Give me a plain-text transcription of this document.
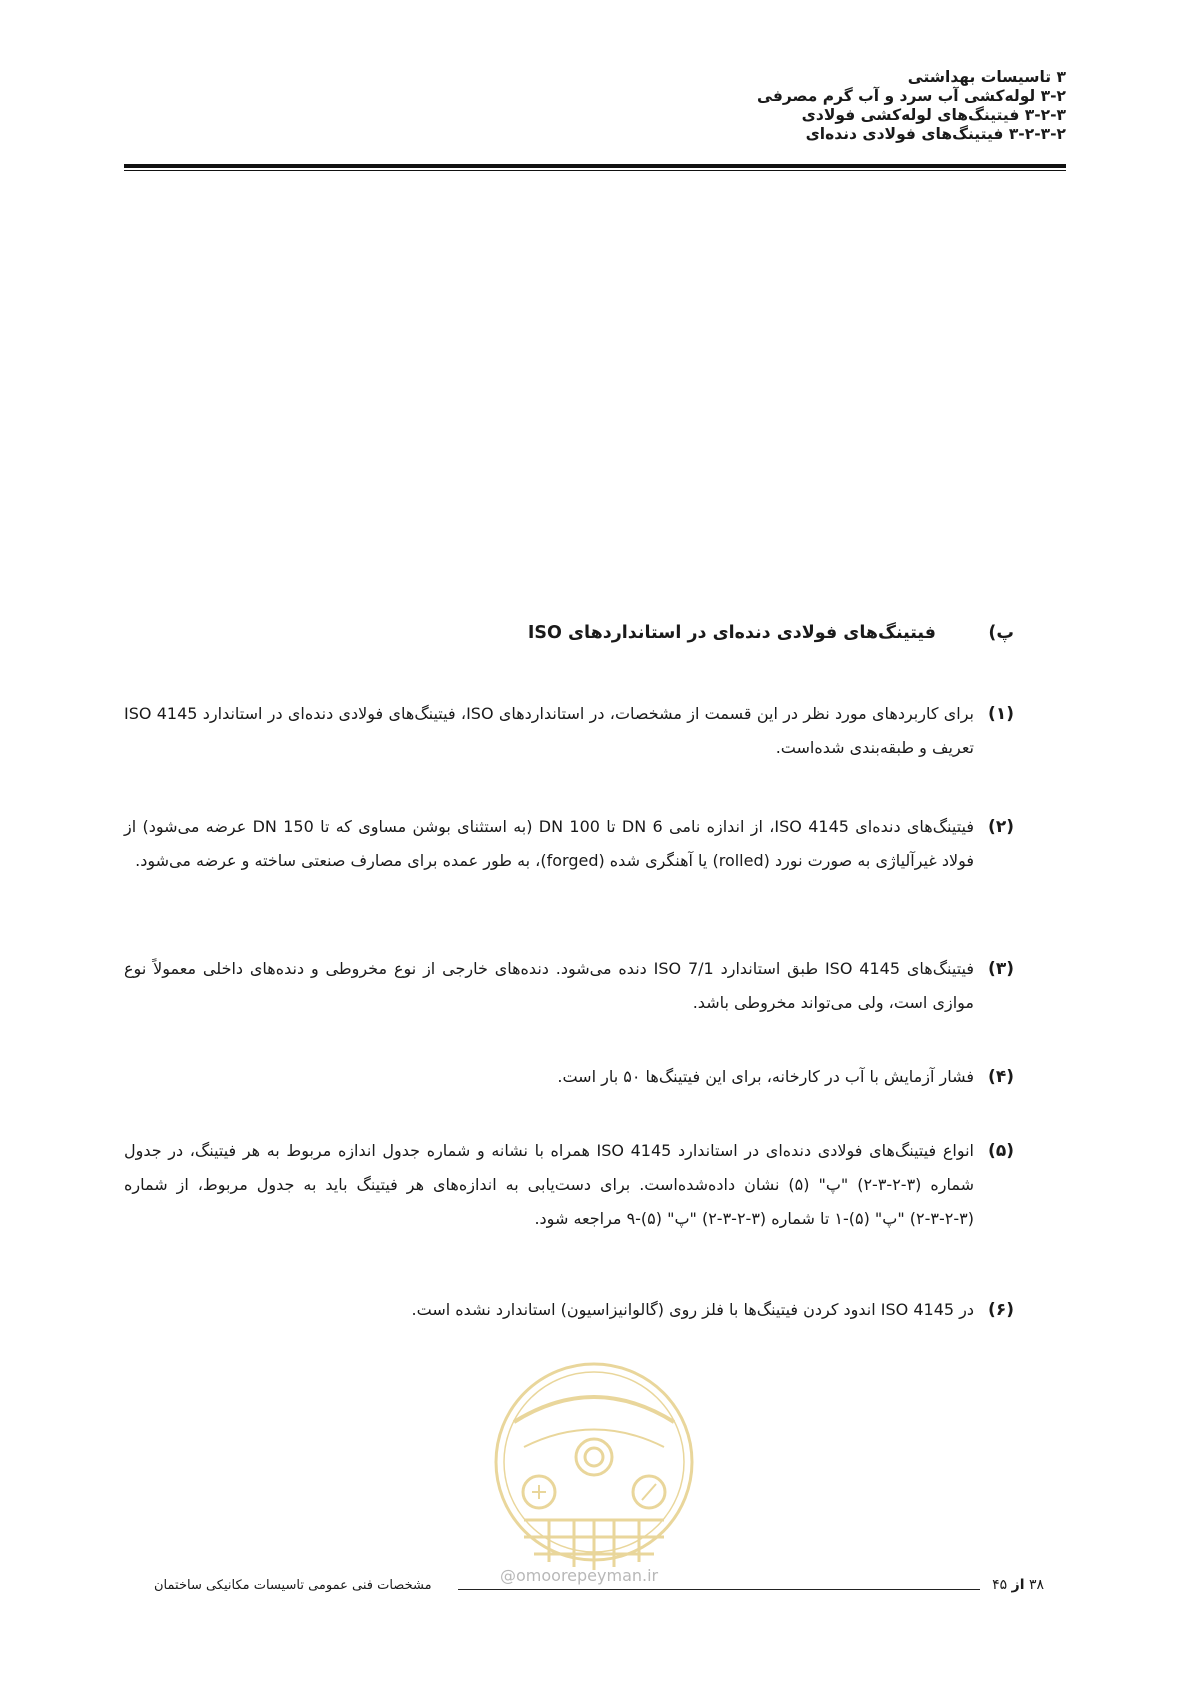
۳ تاسیسات بهداشتی
۳-۲ لوله‌کشی آب سرد و آب گرم مصرفی
۳-۲-۳ فیتینگ‌های لوله‌کشی فولادی
۳-۲-۳-۲ فیتینگ‌های فولادی دنده‌ای
پ)
فیتینگ‌های فولادی دنده‌ای در استانداردهای ISO
(۱)
برای کاربردهای مورد نظر در این قسمت از مشخصات، در استانداردهای ISO، فیتینگ‌های فولادی دنده‌ای در استاندارد ISO 4145 تعریف و طبقه‌بندی شده‌است.
(۲)
فیتینگ‌های دنده‌ای ISO 4145، از اندازه نامی DN 6 تا DN 100 (به استثنای بوشن مساوی که تا DN 150 عرضه می‌شود) از فولاد غیرآلیاژی به صورت نورد (rolled) یا آهنگری شده (forged)، به طور عمده برای مصارف صنعتی ساخته و عرضه می‌شود.
(۳)
فیتینگ‌های ISO 4145 طبق استاندارد ISO 7/1 دنده می‌شود. دنده‌های خارجی از نوع مخروطی و دنده‌های داخلی معمولاً نوع موازی است، ولی می‌تواند مخروطی باشد.
(۴)
فشار آزمایش با آب در کارخانه، برای این فیتینگ‌ها ۵۰ بار است.
(۵)
انواع فیتینگ‌های فولادی دنده‌ای در استاندارد ISO 4145 همراه با نشانه و شماره جدول اندازه مربوط به هر فیتینگ، در جدول شماره (۳-۲-۳-۲) "پ" (۵) نشان داده‌شده‌است. برای دست‌یابی به اندازه‌های هر فیتینگ باید به جدول مربوط، از شماره (۳-۲-۳-۲) "پ" (۵)-۱ تا شماره (۳-۲-۳-۲) "پ" (۵)-۹ مراجعه شود.
(۶)
در ISO 4145 اندود کردن فیتینگ‌ها با فلز روی (گالوانیزاسیون) استاندارد نشده است.
@omoorepeyman.ir	۳۸ از ۴۵
مشخصات فنی عمومی تاسیسات مکانیکی ساختمان
